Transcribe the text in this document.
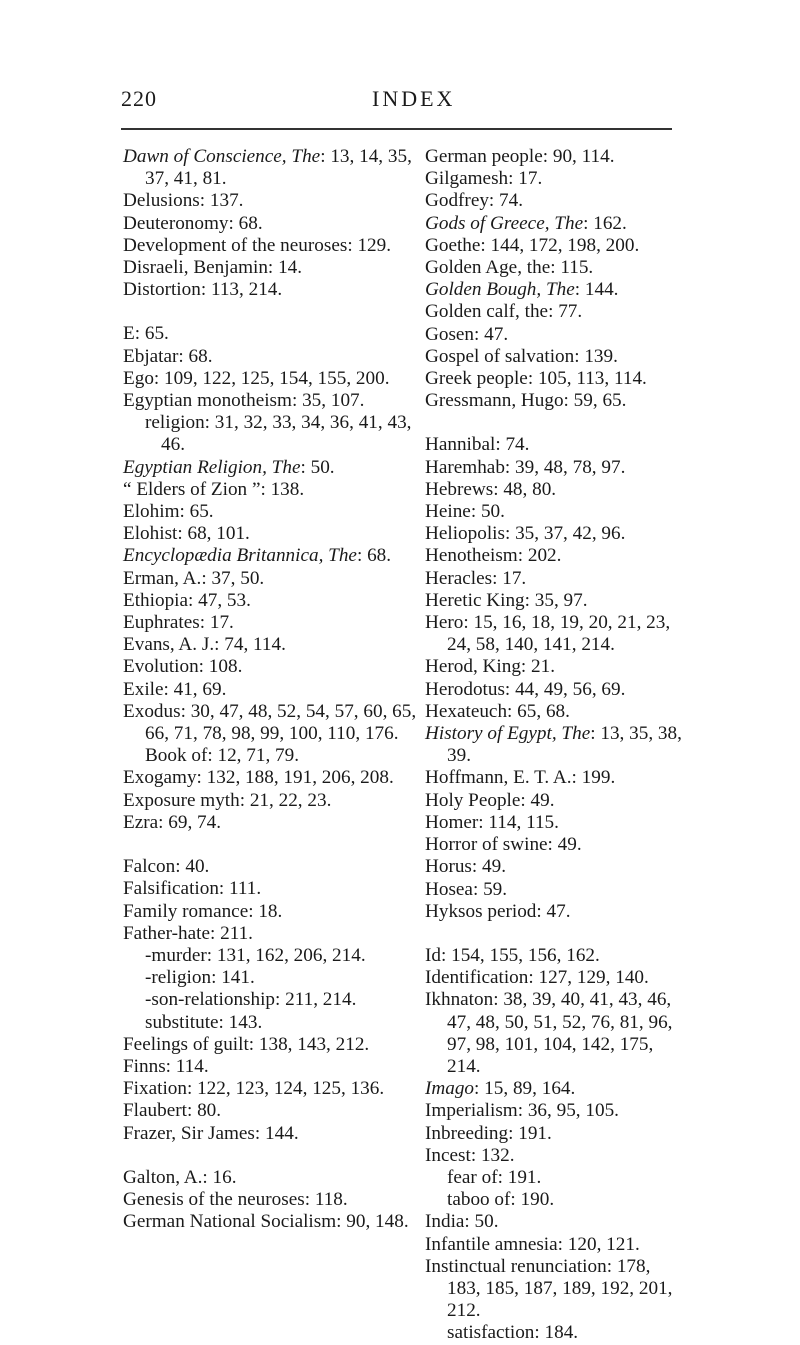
220	INDEX
Dawn of Conscience, The: 13, 14, 35, 37, 41, 81.
Delusions: 137.
Deuteronomy: 68.
Development of the neuroses: 129.
Disraeli, Benjamin: 14.
Distortion: 113, 214.
E: 65.
Ebjatar: 68.
Ego: 109, 122, 125, 154, 155, 200.
Egyptian monotheism: 35, 107.
religion: 31, 32, 33, 34, 36, 41, 43, 46.
Egyptian Religion, The: 50.
“ Elders of Zion ”: 138.
Elohim: 65.
Elohist: 68, 101.
Encyclopædia Britannica, The: 68.
Erman, A.: 37, 50.
Ethiopia: 47, 53.
Euphrates: 17.
Evans, A. J.: 74, 114.
Evolution: 108.
Exile: 41, 69.
Exodus: 30, 47, 48, 52, 54, 57, 60, 65, 66, 71, 78, 98, 99, 100, 110, 176.
Book of: 12, 71, 79.
Exogamy: 132, 188, 191, 206, 208.
Exposure myth: 21, 22, 23.
Ezra: 69, 74.
Falcon: 40.
Falsification: 111.
Family romance: 18.
Father-hate: 211.
-murder: 131, 162, 206, 214.
-religion: 141.
-son-relationship: 211, 214.
substitute: 143.
Feelings of guilt: 138, 143, 212.
Finns: 114.
Fixation: 122, 123, 124, 125, 136.
Flaubert: 80.
Frazer, Sir James: 144.
Galton, A.: 16.
Genesis of the neuroses: 118.
German National Socialism: 90, 148.
German people: 90, 114.
Gilgamesh: 17.
Godfrey: 74.
Gods of Greece, The: 162.
Goethe: 144, 172, 198, 200.
Golden Age, the: 115.
Golden Bough, The: 144.
Golden calf, the: 77.
Gosen: 47.
Gospel of salvation: 139.
Greek people: 105, 113, 114.
Gressmann, Hugo: 59, 65.
Hannibal: 74.
Haremhab: 39, 48, 78, 97.
Hebrews: 48, 80.
Heine: 50.
Heliopolis: 35, 37, 42, 96.
Henotheism: 202.
Heracles: 17.
Heretic King: 35, 97.
Hero: 15, 16, 18, 19, 20, 21, 23, 24, 58, 140, 141, 214.
Herod, King: 21.
Herodotus: 44, 49, 56, 69.
Hexateuch: 65, 68.
History of Egypt, The: 13, 35, 38, 39.
Hoffmann, E. T. A.: 199.
Holy People: 49.
Homer: 114, 115.
Horror of swine: 49.
Horus: 49.
Hosea: 59.
Hyksos period: 47.
Id: 154, 155, 156, 162.
Identification: 127, 129, 140.
Ikhnaton: 38, 39, 40, 41, 43, 46, 47, 48, 50, 51, 52, 76, 81, 96, 97, 98, 101, 104, 142, 175, 214.
Imago: 15, 89, 164.
Imperialism: 36, 95, 105.
Inbreeding: 191.
Incest: 132.
fear of: 191.
taboo of: 190.
India: 50.
Infantile amnesia: 120, 121.
Instinctual renunciation: 178, 183, 185, 187, 189, 192, 201, 212.
satisfaction: 184.
